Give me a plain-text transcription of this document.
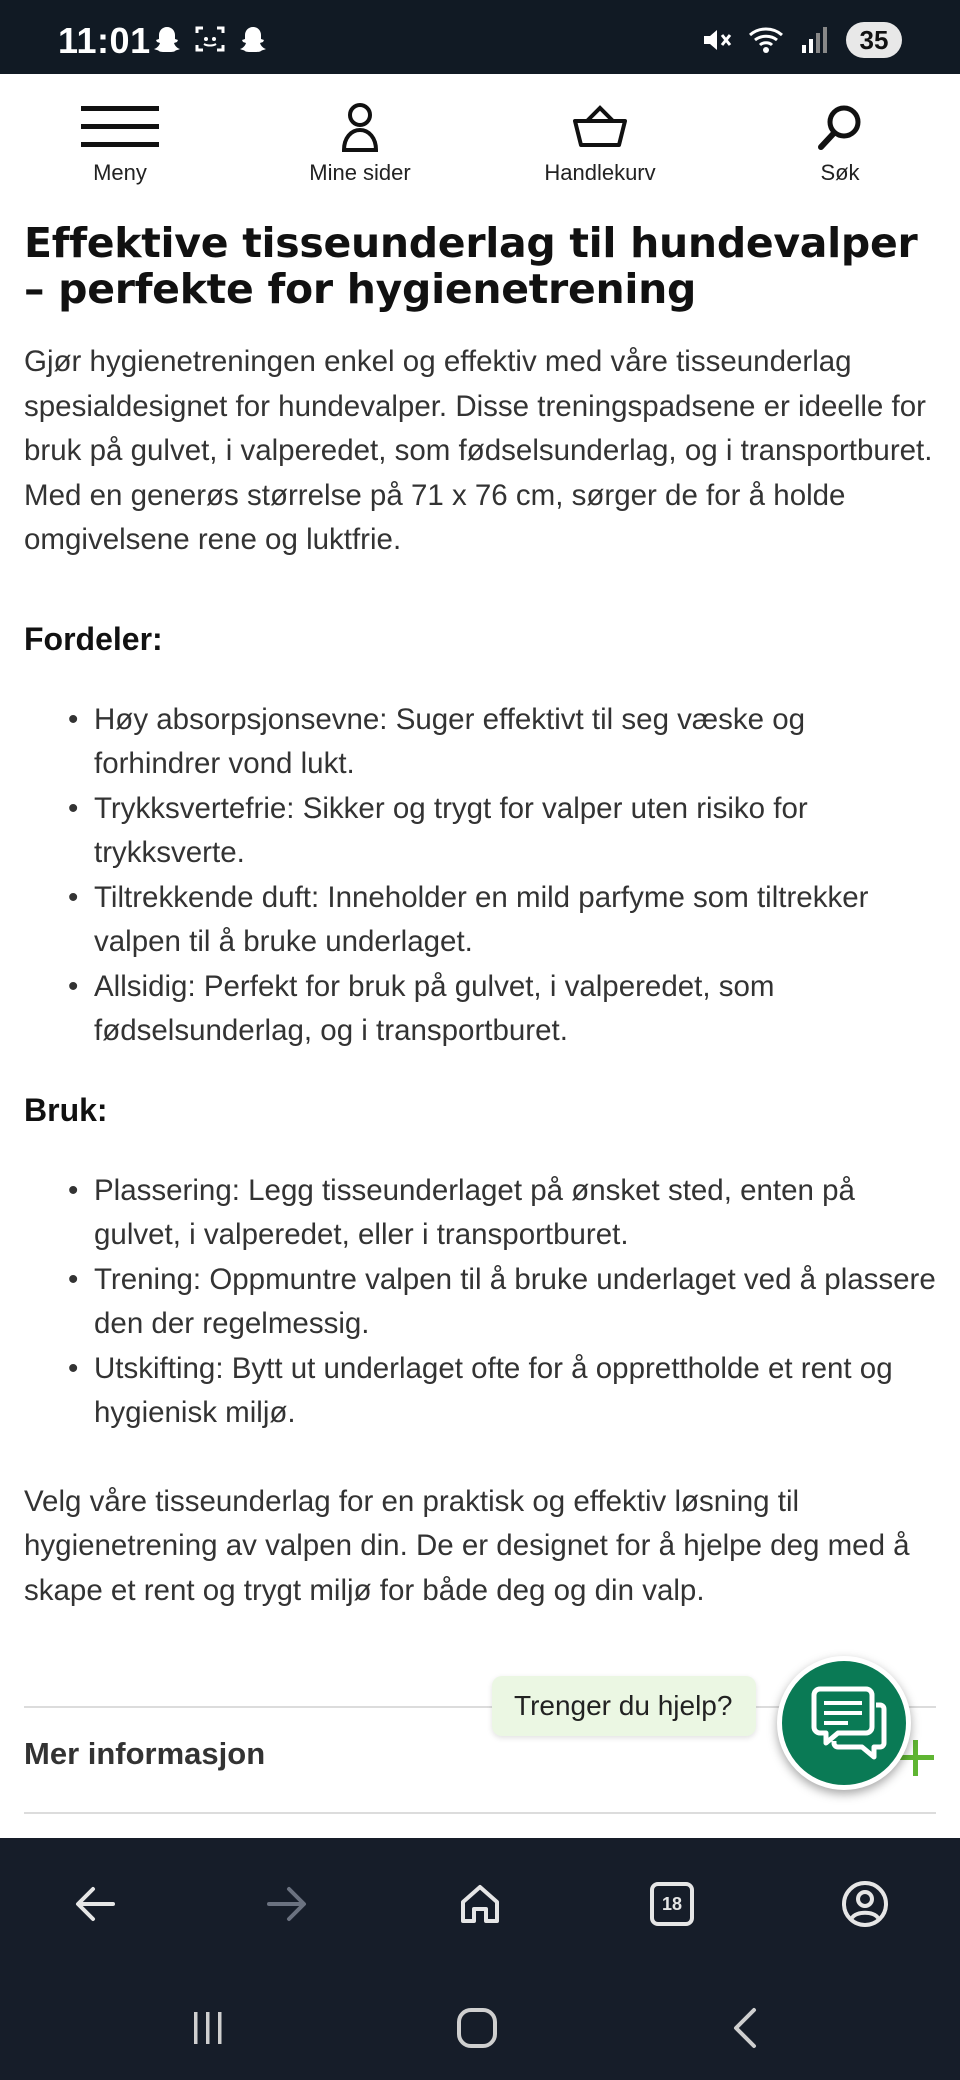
11:01	35
Meny	Mine sider	Handlekurv	Søk
Effektive tisseunderlag til hundevalper – perfekte for hygienetrening

Gjør hygienetreningen enkel og effektiv med våre tisseunderlag spesialdesignet for hundevalper. Disse treningspadsene er ideelle for bruk på gulvet, i valperedet, som fødselsunderlag, og i transportburet. Med en generøs størrelse på 71 x 76 cm, sørger de for å holde omgivelsene rene og luktfrie.

Fordeler:
• Høy absorpsjonsevne: Suger effektivt til seg væske og forhindrer vond lukt.
• Trykksvertefrie: Sikker og trygt for valper uten risiko for trykksverte.
• Tiltrekkende duft: Inneholder en mild parfyme som tiltrekker valpen til å bruke underlaget.
• Allsidig: Perfekt for bruk på gulvet, i valperedet, som fødselsunderlag, og i transportburet.
Bruk:
• Plassering: Legg tisseunderlaget på ønsket sted, enten på gulvet, i valperedet, eller i transportburet.
• Trening: Oppmuntre valpen til å bruke underlaget ved å plassere den der regelmessig.
• Utskifting: Bytt ut underlaget ofte for å opprettholde et rent og hygienisk miljø.

Velg våre tisseunderlag for en praktisk og effektiv løsning til hygienetrening av valpen din. De er designet for å hjelpe deg med å skape et rent og trygt miljø for både deg og din valp.

Mer informasjon
Trenger du hjelp?
18
